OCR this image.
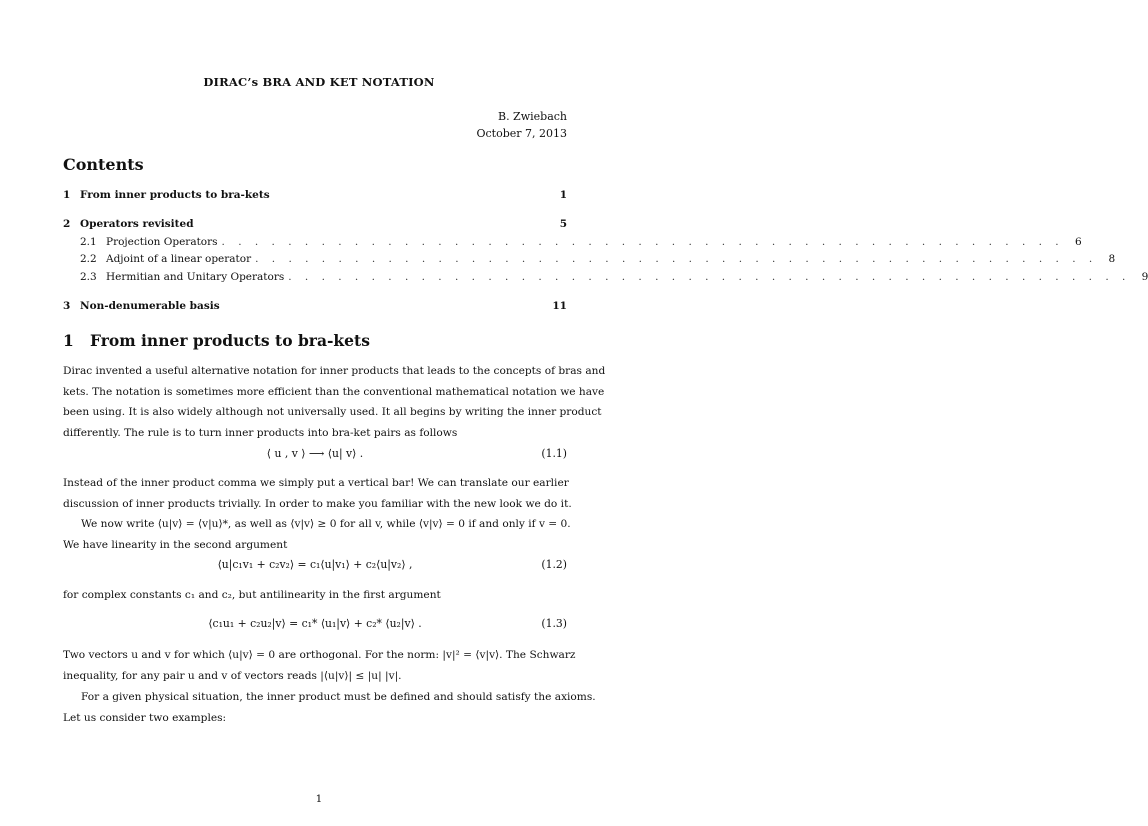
DIRAC’s BRA AND KET NOTATION
B. Zwiebach
October 7, 2013
Contents
1 From inner products to bra-kets	1
2 Operators revisited	5
2.1 Projection Operators . . . . . . . . . . . . . . . . . . . . . . . . . . . . . . . . . . . . . . . . . . . . . . . . . . .	6
2.2 Adjoint of a linear operator . . . . . . . . . . . . . . . . . . . . . . . . . . . . . . . . . . . . . . . . . . . . . . . . . . .	8
2.3 Hermitian and Unitary Operators . . . . . . . . . . . . . . . . . . . . . . . . . . . . . . . . . . . . . . . . . . . . . . . . . . .	9
3 Non-denumerable basis	11
1 From inner products to bra-kets
Dirac invented a useful alternative notation for inner products that leads to the concepts of bras and
kets. The notation is sometimes more efficient than the conventional mathematical notation we have
been using. It is also widely although not universally used. It all begins by writing the inner product
differently. The rule is to turn inner products into bra-ket pairs as follows
⟨ u , v ⟩ ⟶ ⟨u| v⟩ .	(1.1)
Instead of the inner product comma we simply put a vertical bar! We can translate our earlier
discussion of inner products trivially. In order to make you familiar with the new look we do it.
We now write ⟨u|v⟩ = ⟨v|u⟩*, as well as ⟨v|v⟩ ≥ 0 for all v, while ⟨v|v⟩ = 0 if and only if v = 0.
We have linearity in the second argument
⟨u|c₁v₁ + c₂v₂⟩ = c₁⟨u|v₁⟩ + c₂⟨u|v₂⟩ ,	(1.2)
for complex constants c₁ and c₂, but antilinearity in the first argument
⟨c₁u₁ + c₂u₂|v⟩ = c₁* ⟨u₁|v⟩ + c₂* ⟨u₂|v⟩ .	(1.3)
Two vectors u and v for which ⟨u|v⟩ = 0 are orthogonal. For the norm: |v|² = ⟨v|v⟩. The Schwarz
inequality, for any pair u and v of vectors reads |⟨u|v⟩| ≤ |u| |v|.
For a given physical situation, the inner product must be defined and should satisfy the axioms.
Let us consider two examples:
1
